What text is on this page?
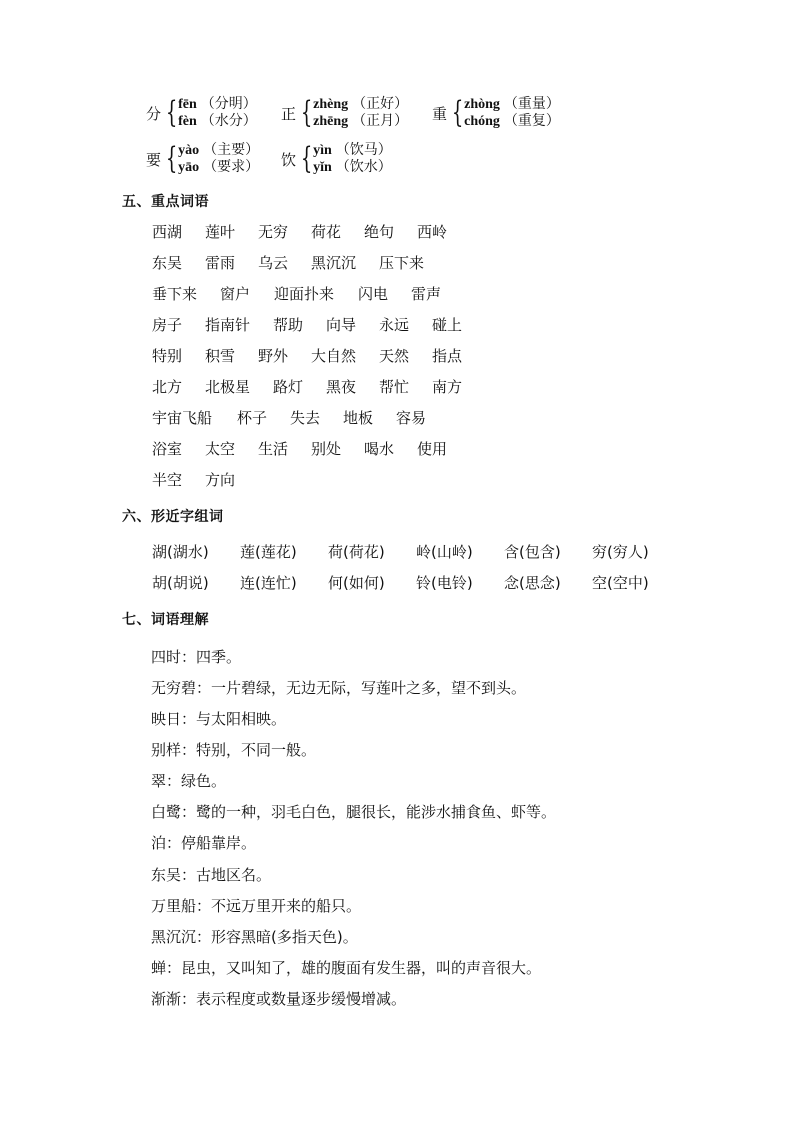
分 { fēn （分明）
fèn （水分） 正 { zhèng （正好）
zhēng （正月） 重 { zhòng （重量）
chóng （重复）
要 { yào （主要）
yāo （要求） 饮 { yìn （饮马）
yǐn （饮水）
五、重点词语
西湖 莲叶 无穷 荷花 绝句 西岭
东吴 雷雨 乌云 黑沉沉 压下来
垂下来 窗户 迎面扑来 闪电 雷声
房子 指南针 帮助 向导 永远 碰上
特别 积雪 野外 大自然 天然 指点
北方 北极星 路灯 黑夜 帮忙 南方
宇宙飞船 杯子 失去 地板 容易
浴室 太空 生活 别处 喝水 使用
半空 方向
六、形近字组词
湖(湖水) 莲(莲花) 荷(荷花) 岭(山岭) 含(包含) 穷(穷人)
胡(胡说) 连(连忙) 何(如何) 铃(电铃) 念(思念) 空(空中)
七、词语理解
四时：四季。
无穷碧：一片碧绿，无边无际，写莲叶之多，望不到头。
映日：与太阳相映。
别样：特别，不同一般。
翠：绿色。
白鹭：鹭的一种，羽毛白色，腿很长，能涉水捕食鱼、虾等。
泊：停船靠岸。
东吴：古地区名。
万里船：不远万里开来的船只。
黑沉沉：形容黑暗(多指天色)。
蝉：昆虫，又叫知了，雄的腹面有发生器，叫的声音很大。
渐渐：表示程度或数量逐步缓慢增减。
